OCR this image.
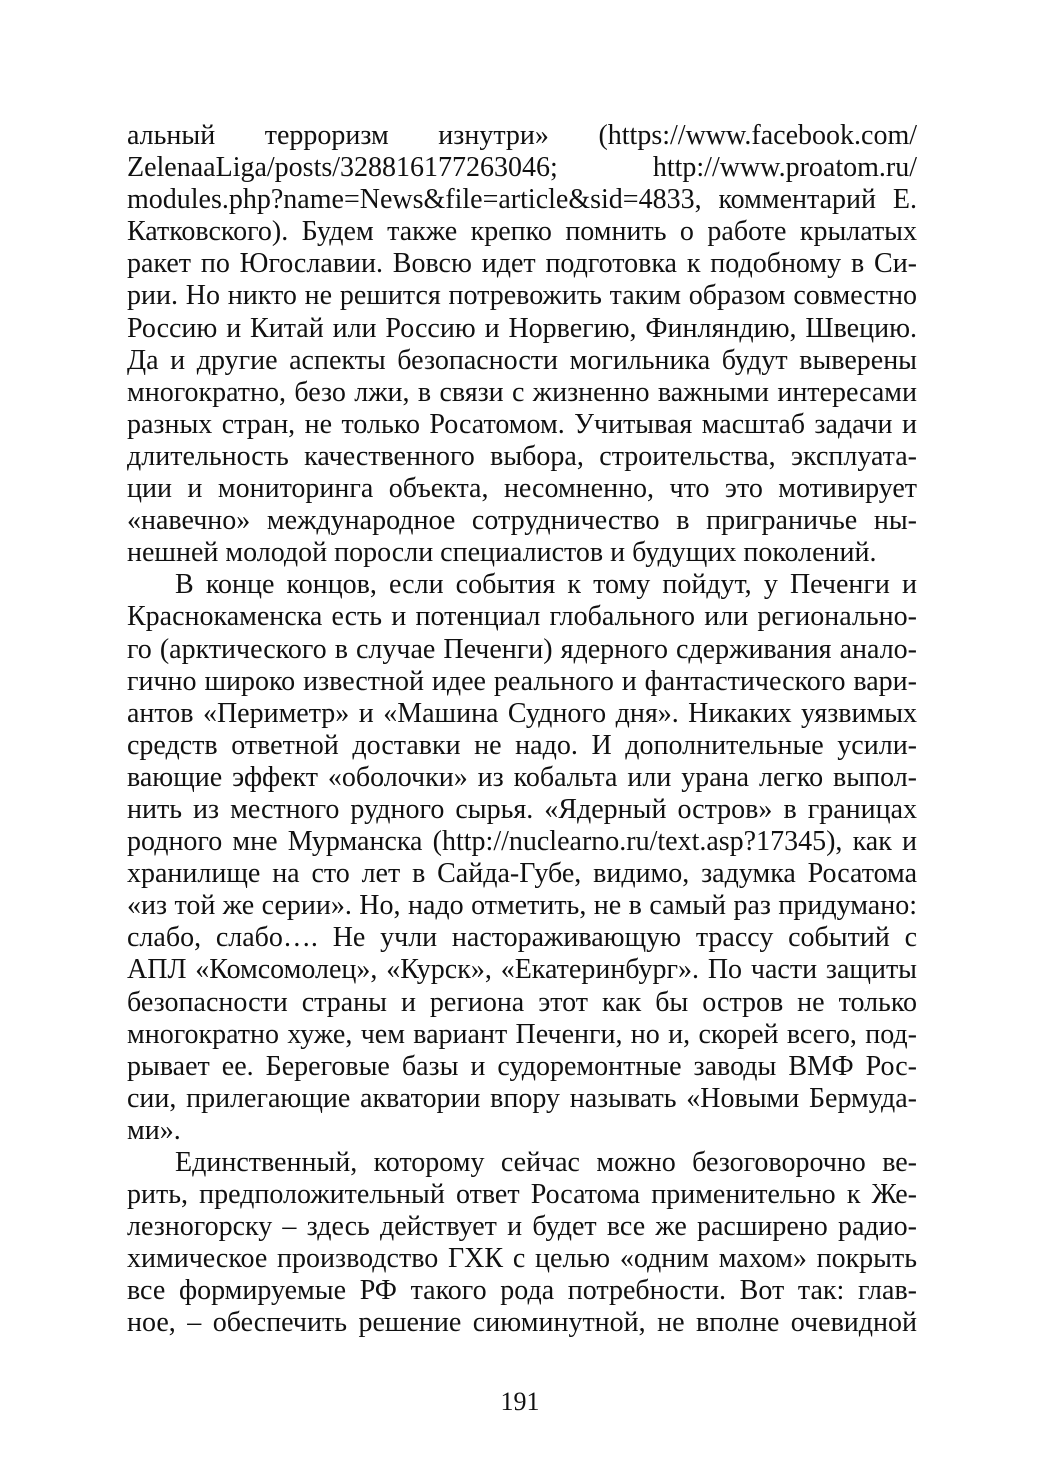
альный терроризм изнутри» (https://www.facebook.com/
ZelenaaLiga/posts/328816177263046; http://www.proatom.ru/
modules.php?name=News&file=article&sid=4833, комментарий Е.
Катковского). Будем также крепко помнить о работе крылатых
ракет по Югославии. Вовсю идет подготовка к подобному в Си-
рии. Но никто не решится потревожить таким образом совместно
Россию и Китай или Россию и Норвегию, Финляндию, Швецию.
Да и другие аспекты безопасности могильника будут выверены
многократно, безо лжи, в связи с жизненно важными интересами
разных стран, не только Росатомом. Учитывая масштаб задачи и
длительность качественного выбора, строительства, эксплуата-
ции и мониторинга объекта, несомненно, что это мотивирует
«навечно» международное сотрудничество в приграничье ны-
нешней молодой поросли специалистов и будущих поколений.

В конце концов, если события к тому пойдут, у Печенги и
Краснокаменска есть и потенциал глобального или регионально-
го (арктического в случае Печенги) ядерного сдерживания анало-
гично широко известной идее реального и фантастического вари-
антов «Периметр» и «Машина Судного дня». Никаких уязвимых
средств ответной доставки не надо. И дополнительные усили-
вающие эффект «оболочки» из кобальта или урана легко выпол-
нить из местного рудного сырья. «Ядерный остров» в границах
родного мне Мурманска (http://nuclearno.ru/text.asp?17345), как и
хранилище на сто лет в Сайда-Губе, видимо, задумка Росатома
«из той же серии». Но, надо отметить, не в самый раз придумано:
слабо, слабо…. Не учли настораживающую трассу событий с
АПЛ «Комсомолец», «Курск», «Екатеринбург». По части защиты
безопасности страны и региона этот как бы остров не только
многократно хуже, чем вариант Печенги, но и, скорей всего, под-
рывает ее. Береговые базы и судоремонтные заводы ВМФ Рос-
сии, прилегающие акватории впору называть «Новыми Бермуда-
ми».

Единственный, которому сейчас можно безоговорочно ве-
рить, предположительный ответ Росатома применительно к Же-
лезногорску – здесь действует и будет все же расширено радио-
химическое производство ГХК с целью «одним махом» покрыть
все формируемые РФ такого рода потребности. Вот так: глав-
ное, – обеспечить решение сиюминутной, не вполне очевидной

191
